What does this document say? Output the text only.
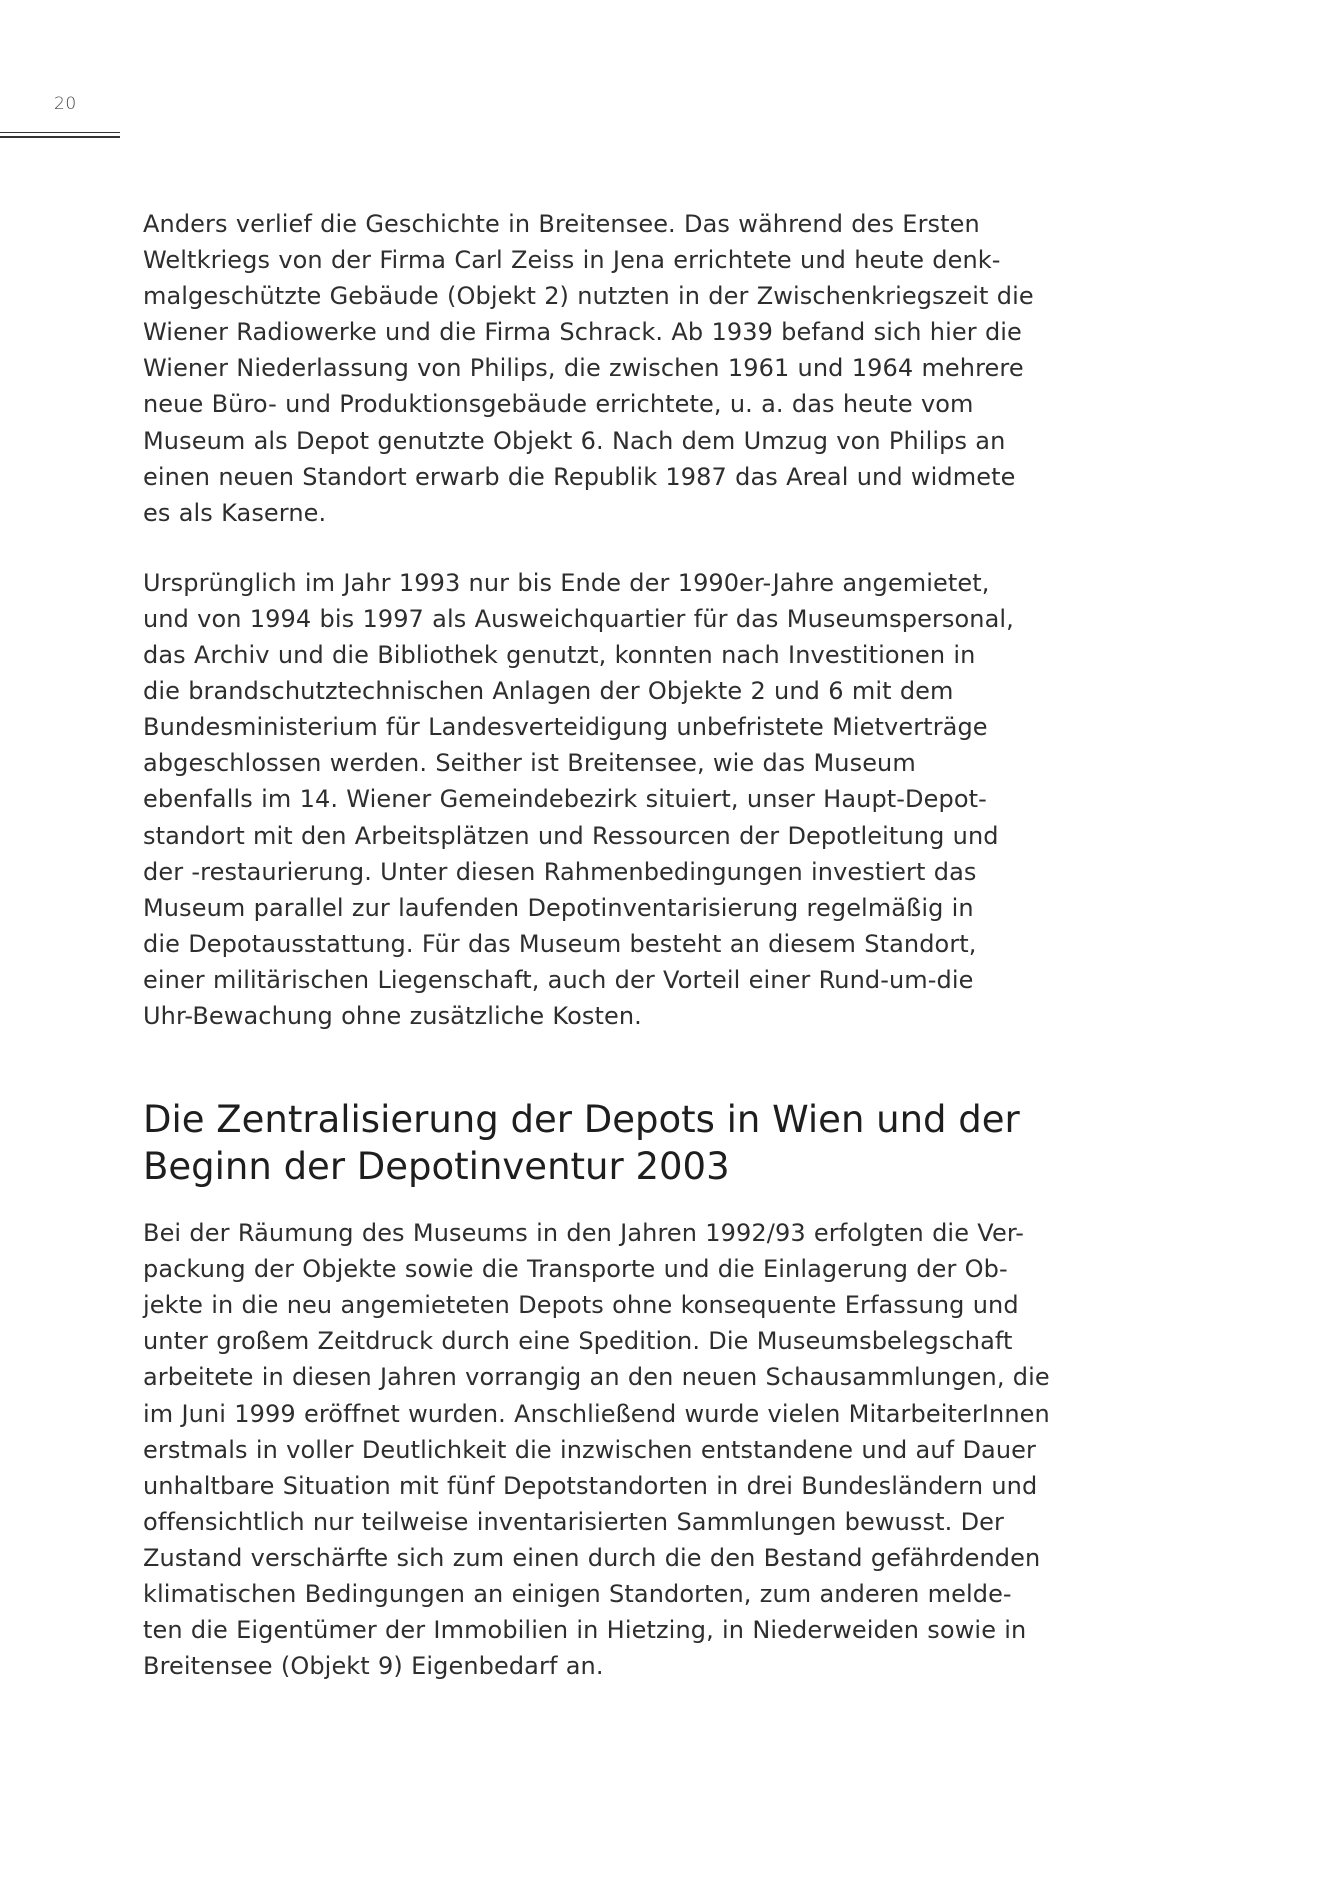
20

Anders verlief die Geschichte in Breitensee. Das während des Ersten
Weltkriegs von der Firma Carl Zeiss in Jena errichtete und heute denk-
malgeschützte Gebäude (Objekt 2) nutzten in der Zwischenkriegszeit die
Wiener Radiowerke und die Firma Schrack. Ab 1939 befand sich hier die
Wiener Niederlassung von Philips, die zwischen 1961 und 1964 mehrere
neue Büro- und Produktionsgebäude errichtete, u. a. das heute vom
Museum als Depot genutzte Objekt 6. Nach dem Umzug von Philips an
einen neuen Standort erwarb die Republik 1987 das Areal und widmete
es als Kaserne.

Ursprünglich im Jahr 1993 nur bis Ende der 1990er-Jahre angemietet,
und von 1994 bis 1997 als Ausweichquartier für das Museumspersonal,
das Archiv und die Bibliothek genutzt, konnten nach Investitionen in
die brandschutztechnischen Anlagen der Objekte 2 und 6 mit dem
Bundesministerium für Landesverteidigung unbefristete Mietverträge
abgeschlossen werden. Seither ist Breitensee, wie das Museum
ebenfalls im 14. Wiener Gemeindebezirk situiert, unser Haupt-Depot-
standort mit den Arbeitsplätzen und Ressourcen der Depotleitung und
der -restaurierung. Unter diesen Rahmenbedingungen investiert das
Museum parallel zur laufenden Depotinventarisierung regelmäßig in
die Depotausstattung. Für das Museum besteht an diesem Standort,
einer militärischen Liegenschaft, auch der Vorteil einer Rund-um-die
Uhr-Bewachung ohne zusätzliche Kosten.

Die Zentralisierung der Depots in Wien und der
Beginn der Depotinventur 2003

Bei der Räumung des Museums in den Jahren 1992/93 erfolgten die Ver-
packung der Objekte sowie die Transporte und die Einlagerung der Ob-
jekte in die neu angemieteten Depots ohne konsequente Erfassung und
unter großem Zeitdruck durch eine Spedition. Die Museumsbelegschaft
arbeitete in diesen Jahren vorrangig an den neuen Schausammlungen, die
im Juni 1999 eröffnet wurden. Anschließend wurde vielen MitarbeiterInnen
erstmals in voller Deutlichkeit die inzwischen entstandene und auf Dauer
unhaltbare Situation mit fünf Depotstandorten in drei Bundesländern und
offensichtlich nur teilweise inventarisierten Sammlungen bewusst. Der
Zustand verschärfte sich zum einen durch die den Bestand gefährdenden
klimatischen Bedingungen an einigen Standorten, zum anderen melde-
ten die Eigentümer der Immobilien in Hietzing, in Niederweiden sowie in
Breitensee (Objekt 9) Eigenbedarf an.
